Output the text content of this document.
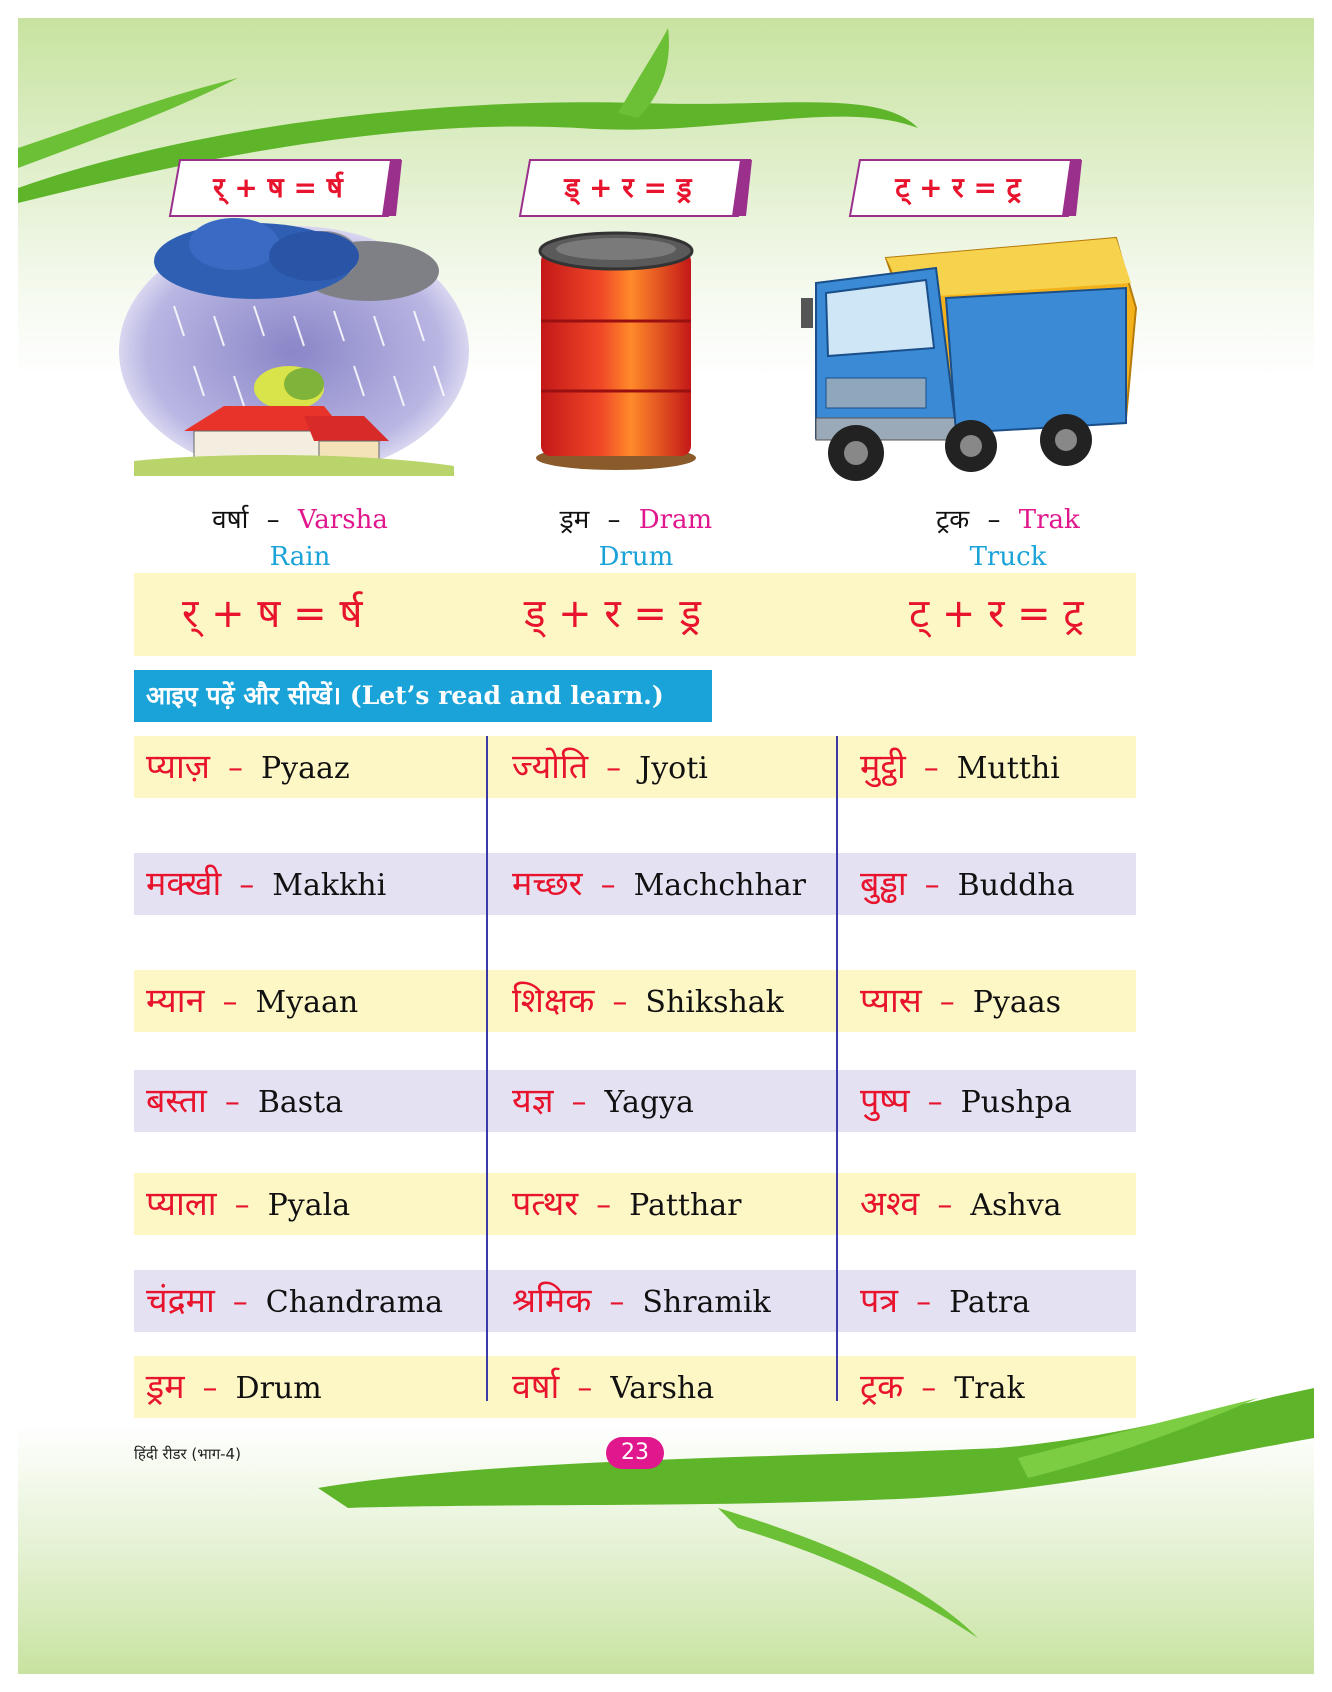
र् + ष = र्ष	ड् + र = ड्र	ट् + र = ट्र
वर्षा – Varsha
Rain
ड्रम – Dram
Drum
ट्रक – Trak
Truck
र् + ष = र्ष	ड् + र = ड्र	ट् + र = ट्र
आइए पढ़ें और सीखें। (Let’s read and learn.)
प्याज़ – Pyaaz	ज्योति – Jyoti	मुट्ठी – Mutthi
मक्खी – Makkhi	मच्छर – Machchhar बुड्ढा – Buddha
म्यान – Myaan	शिक्षक – Shikshak प्यास – Pyaas
बस्ता – Basta	यज्ञ – Yagya	पुष्प – Pushpa
प्याला – Pyala	पत्थर – Patthar	अश्व – Ashva
चंद्रमा – Chandrama श्रमिक – Shramik	पत्र – Patra
ड्रम – Drum	वर्षा – Varsha	ट्रक – Trak
हिंदी रीडर (भाग-4)	23
